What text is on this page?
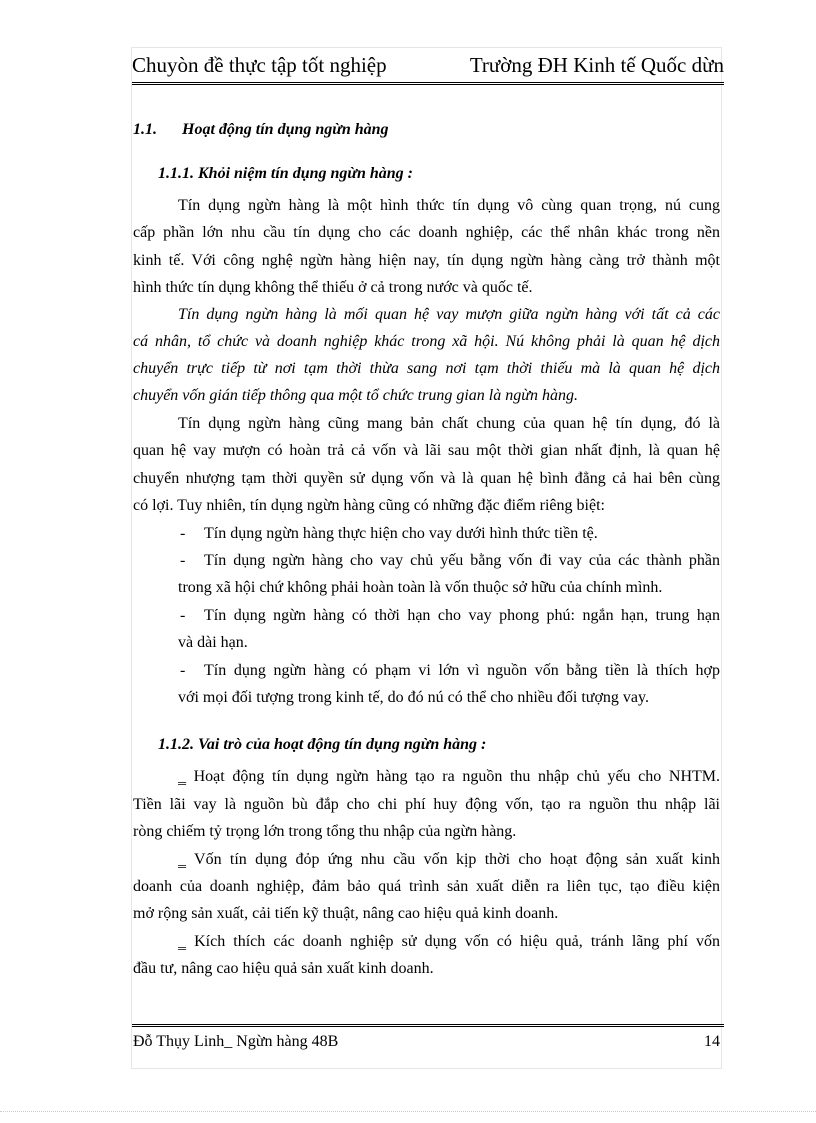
Chuyòn đề thực tập tốt nghiệp	Trường ĐH Kinh tế Quốc dừn
1.1. Hoạt động tín dụng ngừn hàng
1.1.1. Khỏi niệm tín dụng ngừn hàng :
Tín dụng ngừn hàng là một hình thức tín dụng vô cùng quan trọng, nú cung
cấp phần lớn nhu cầu tín dụng cho các doanh nghiệp, các thể nhân khác trong nền
kinh tế. Với công nghệ ngừn hàng hiện nay, tín dụng ngừn hàng càng trở thành một
hình thức tín dụng không thể thiếu ở cả trong nước và quốc tế.
Tín dụng ngừn hàng là mối quan hệ vay mượn giữa ngừn hàng với tất cả các
cá nhân, tổ chức và doanh nghiệp khác trong xã hội. Nú không phải là quan hệ dịch
chuyển trực tiếp từ nơi tạm thời thừa sang nơi tạm thời thiếu mà là quan hệ dịch
chuyển vốn gián tiếp thông qua một tổ chức trung gian là ngừn hàng.
Tín dụng ngừn hàng cũng mang bản chất chung của quan hệ tín dụng, đó là
quan hệ vay mượn có hoàn trả cả vốn và lãi sau một thời gian nhất định, là quan hệ
chuyển nhượng tạm thời quyền sử dụng vốn và là quan hệ bình đẳng cả hai bên cùng
có lợi. Tuy nhiên, tín dụng ngừn hàng cũng có những đặc điểm riêng biệt:
- Tín dụng ngừn hàng thực hiện cho vay dưới hình thức tiền tệ.
- Tín dụng ngừn hàng cho vay chủ yếu bằng vốn đi vay của các thành phần
trong xã hội chứ không phải hoàn toàn là vốn thuộc sở hữu của chính mình.
- Tín dụng ngừn hàng có thời hạn cho vay phong phú: ngắn hạn, trung hạn
và dài hạn.
- Tín dụng ngừn hàng có phạm vi lớn vì nguồn vốn bằng tiền là thích hợp
với mọi đối tượng trong kinh tế, do đó nú có thể cho nhiều đối tượng vay.
1.1.2. Vai trò của hoạt động tín dụng ngừn hàng :
‗ Hoạt động tín dụng ngừn hàng tạo ra nguồn thu nhập chủ yếu cho NHTM.
Tiền lãi vay là nguồn bù đắp cho chi phí huy động vốn, tạo ra nguồn thu nhập lãi
ròng chiếm tỷ trọng lớn trong tổng thu nhập của ngừn hàng.
‗ Vốn tín dụng đỏp ứng nhu cầu vốn kịp thời cho hoạt động sản xuất kinh
doanh của doanh nghiệp, đảm bảo quá trình sản xuất diễn ra liên tục, tạo điều kiện
mở rộng sản xuất, cải tiến kỹ thuật, nâng cao hiệu quả kinh doanh.
‗ Kích thích các doanh nghiệp sử dụng vốn có hiệu quả, tránh lãng phí vốn
đầu tư, nâng cao hiệu quả sản xuất kinh doanh.
Đỗ Thụy Linh_ Ngừn hàng 48B	14
